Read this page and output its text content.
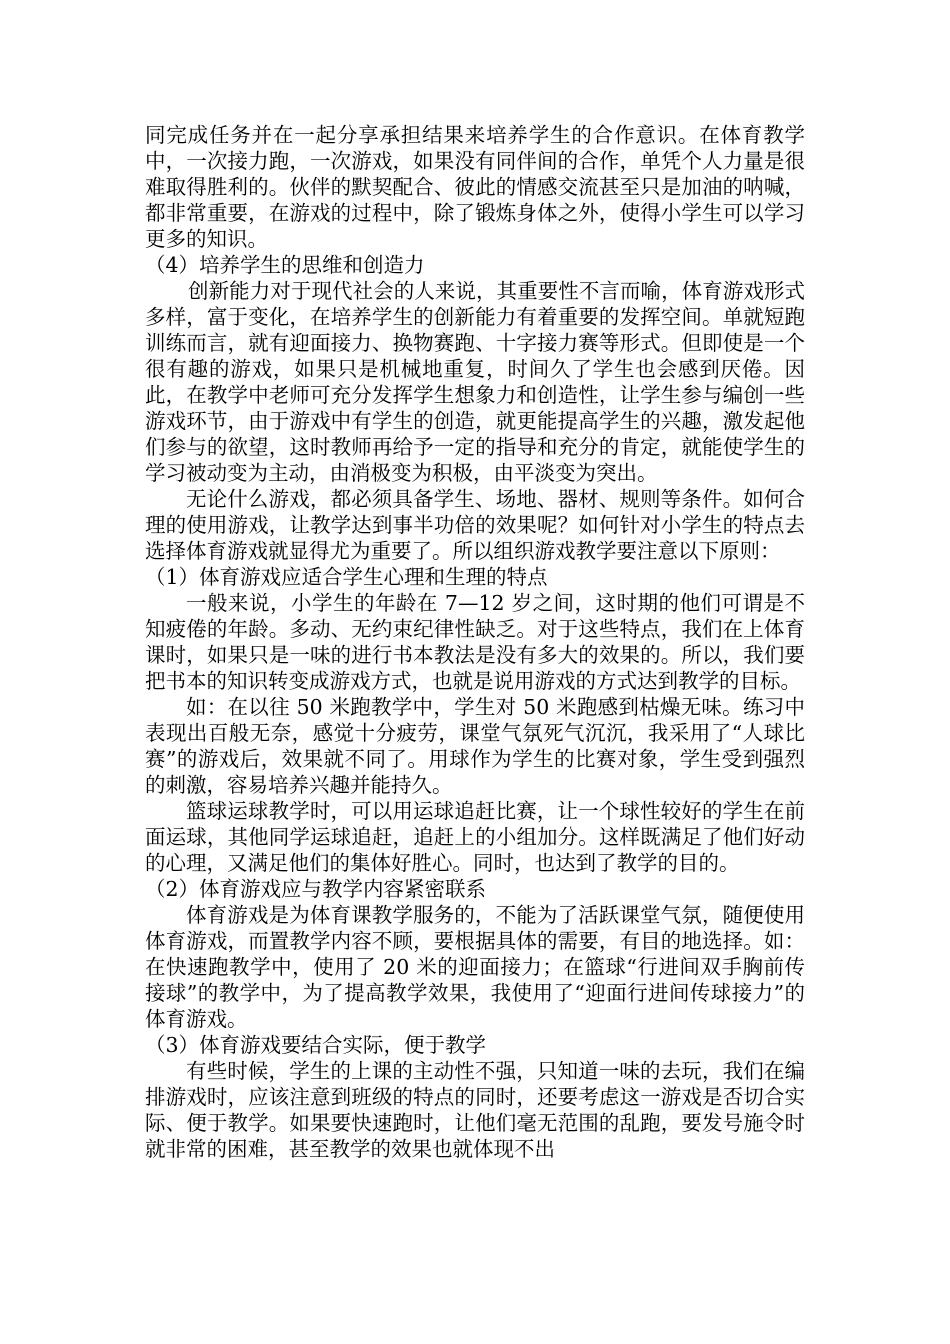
同完成任务并在一起分享承担结果来培养学生的合作意识。在体育教学中，一次接力跑，一次游戏，如果没有同伴间的合作，单凭个人力量是很难取得胜利的。伙伴的默契配合、彼此的情感交流甚至只是加油的呐喊，都非常重要，在游戏的过程中，除了锻炼身体之外，使得小学生可以学习更多的知识。

（4）培养学生的思维和创造力

创新能力对于现代社会的人来说，其重要性不言而喻，体育游戏形式多样，富于变化，在培养学生的创新能力有着重要的发挥空间。单就短跑训练而言，就有迎面接力、换物赛跑、十字接力赛等形式。但即使是一个很有趣的游戏，如果只是机械地重复，时间久了学生也会感到厌倦。因此，在教学中老师可充分发挥学生想象力和创造性，让学生参与编创一些游戏环节，由于游戏中有学生的创造，就更能提高学生的兴趣，激发起他们参与的欲望，这时教师再给予一定的指导和充分的肯定，就能使学生的学习被动变为主动，由消极变为积极，由平淡变为突出。

无论什么游戏，都必须具备学生、场地、器材、规则等条件。如何合理的使用游戏，让教学达到事半功倍的效果呢？如何针对小学生的特点去选择体育游戏就显得尤为重要了。所以组织游戏教学要注意以下原则：

（1）体育游戏应适合学生心理和生理的特点

一般来说，小学生的年龄在 7—12 岁之间，这时期的他们可谓是不知疲倦的年龄。多动、无约束纪律性缺乏。对于这些特点，我们在上体育课时，如果只是一味的进行书本教法是没有多大的效果的。所以，我们要把书本的知识转变成游戏方式，也就是说用游戏的方式达到教学的目标。

如：在以往 50 米跑教学中，学生对 50 米跑感到枯燥无味。练习中表现出百般无奈，感觉十分疲劳，课堂气氛死气沉沉，我采用了“人球比赛”的游戏后，效果就不同了。用球作为学生的比赛对象，学生受到强烈的刺激，容易培养兴趣并能持久。

篮球运球教学时，可以用运球追赶比赛，让一个球性较好的学生在前面运球，其他同学运球追赶，追赶上的小组加分。这样既满足了他们好动的心理，又满足他们的集体好胜心。同时，也达到了教学的目的。

（2）体育游戏应与教学内容紧密联系

体育游戏是为体育课教学服务的，不能为了活跃课堂气氛，随便使用体育游戏，而置教学内容不顾，要根据具体的需要，有目的地选择。如：在快速跑教学中，使用了 20 米的迎面接力；在篮球“行进间双手胸前传接球”的教学中，为了提高教学效果，我使用了“迎面行进间传球接力”的体育游戏。

（3）体育游戏要结合实际，便于教学

有些时候，学生的上课的主动性不强，只知道一味的去玩，我们在编排游戏时，应该注意到班级的特点的同时，还要考虑这一游戏是否切合实际、便于教学。如果要快速跑时，让他们毫无范围的乱跑，要发号施令时就非常的困难，甚至教学的效果也就体现不出
